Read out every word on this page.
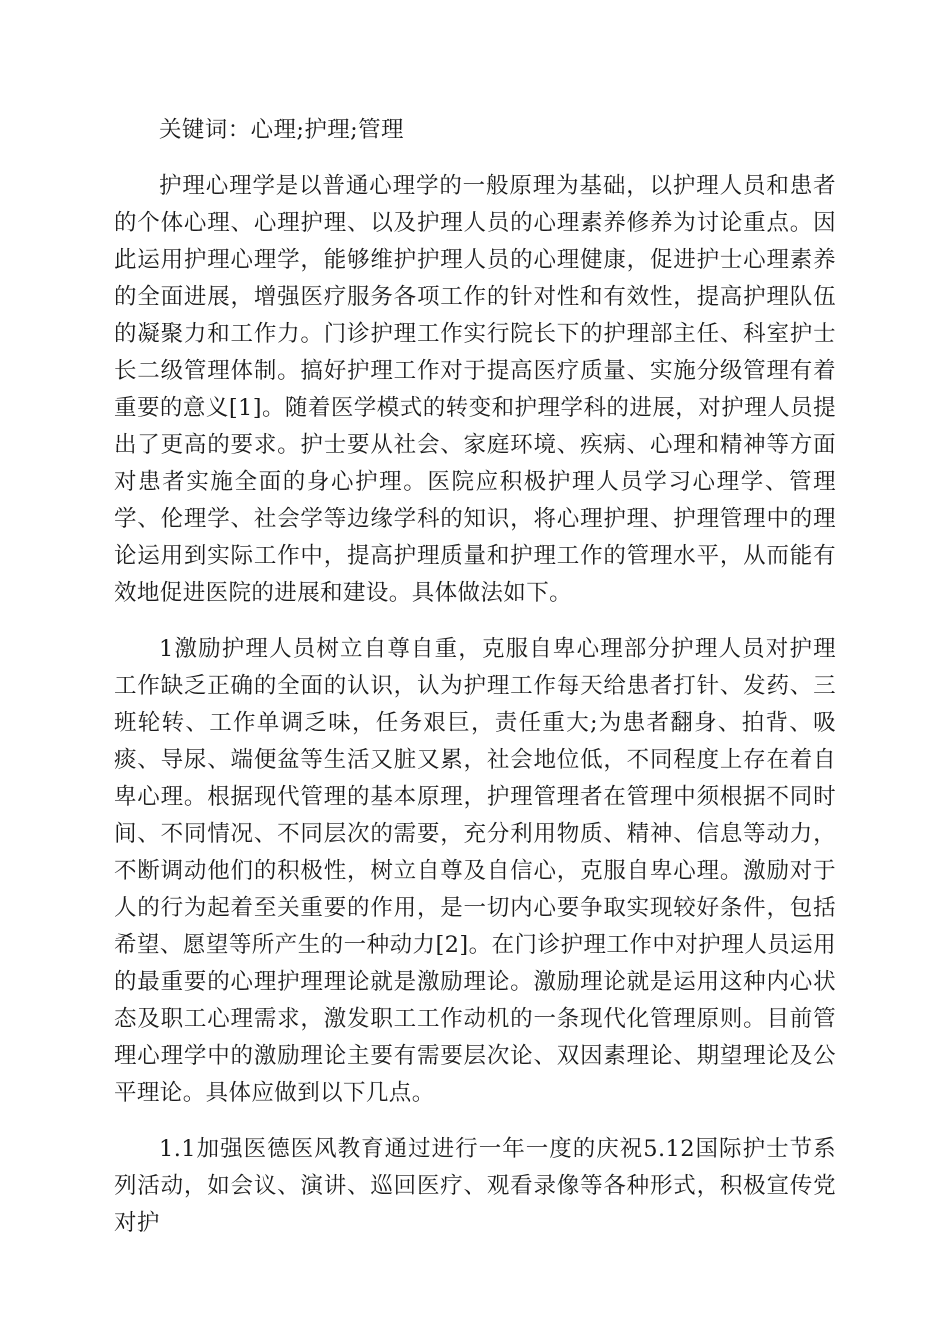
关键词：心理;护理;管理

护理心理学是以普通心理学的一般原理为基础，以护理人员和患者的个体心理、心理护理、以及护理人员的心理素养修养为讨论重点。因此运用护理心理学，能够维护护理人员的心理健康，促进护士心理素养的全面进展，增强医疗服务各项工作的针对性和有效性，提高护理队伍的凝聚力和工作力。门诊护理工作实行院长下的护理部主任、科室护士长二级管理体制。搞好护理工作对于提高医疗质量、实施分级管理有着重要的意义[1]。随着医学模式的转变和护理学科的进展，对护理人员提出了更高的要求。护士要从社会、家庭环境、疾病、心理和精神等方面对患者实施全面的身心护理。医院应积极护理人员学习心理学、管理学、伦理学、社会学等边缘学科的知识，将心理护理、护理管理中的理论运用到实际工作中，提高护理质量和护理工作的管理水平，从而能有效地促进医院的进展和建设。具体做法如下。

1激励护理人员树立自尊自重，克服自卑心理部分护理人员对护理工作缺乏正确的全面的认识，认为护理工作每天给患者打针、发药、三班轮转、工作单调乏味，任务艰巨，责任重大;为患者翻身、拍背、吸痰、导尿、端便盆等生活又脏又累，社会地位低，不同程度上存在着自卑心理。根据现代管理的基本原理，护理管理者在管理中须根据不同时间、不同情况、不同层次的需要，充分利用物质、精神、信息等动力，不断调动他们的积极性，树立自尊及自信心，克服自卑心理。激励对于人的行为起着至关重要的作用，是一切内心要争取实现较好条件，包括希望、愿望等所产生的一种动力[2]。在门诊护理工作中对护理人员运用的最重要的心理护理理论就是激励理论。激励理论就是运用这种内心状态及职工心理需求，激发职工工作动机的一条现代化管理原则。目前管理心理学中的激励理论主要有需要层次论、双因素理论、期望理论及公平理论。具体应做到以下几点。

1.1加强医德医风教育通过进行一年一度的庆祝5.12国际护士节系列活动，如会议、演讲、巡回医疗、观看录像等各种形式，积极宣传党对护
